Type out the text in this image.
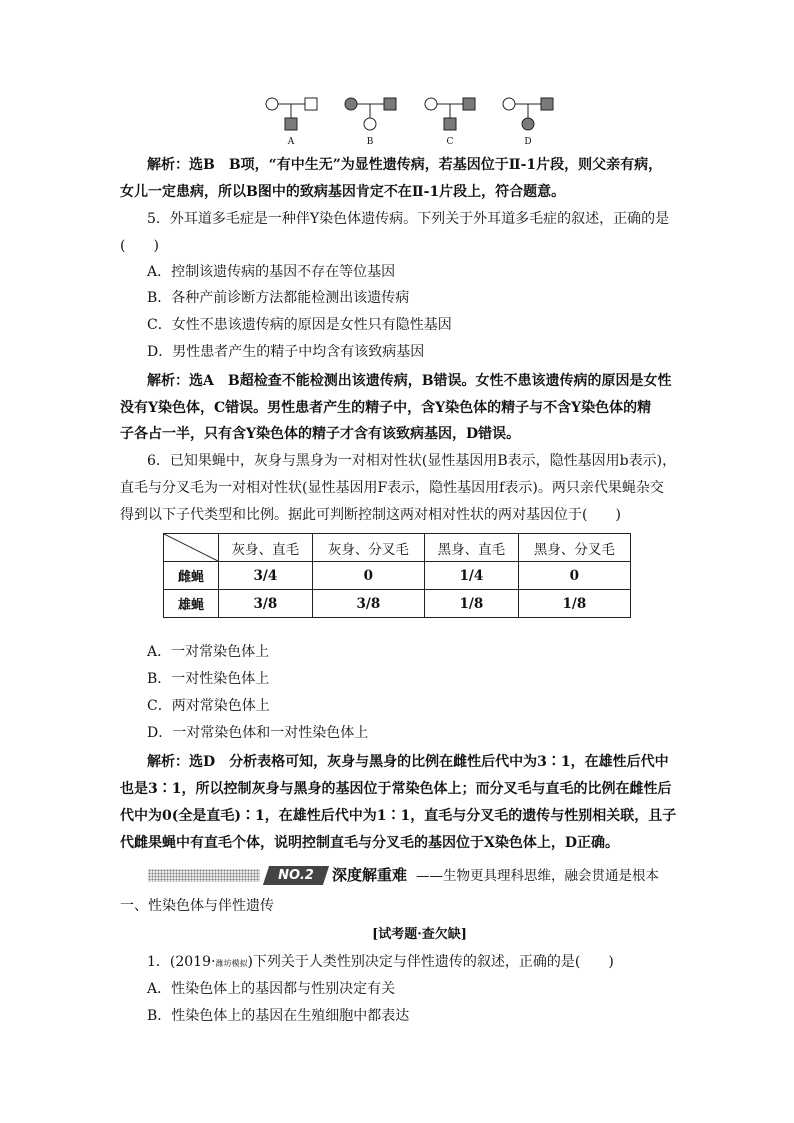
A	B	C	D
解析：选B　B项，“有中生无”为显性遗传病，若基因位于Ⅱ-1片段，则父亲有病，
女儿一定患病，所以B图中的致病基因肯定不在Ⅱ-1片段上，符合题意。
5．外耳道多毛症是一种伴Y染色体遗传病。下列关于外耳道多毛症的叙述，正确的是
(　　)
A．控制该遗传病的基因不存在等位基因
B．各种产前诊断方法都能检测出该遗传病
C．女性不患该遗传病的原因是女性只有隐性基因
D．男性患者产生的精子中均含有该致病基因
解析：选A　B超检查不能检测出该遗传病，B错误。女性不患该遗传病的原因是女性
没有Y染色体，C错误。男性患者产生的精子中，含Y染色体的精子与不含Y染色体的精
子各占一半，只有含Y染色体的精子才含有该致病基因，D错误。
6．已知果蝇中，灰身与黑身为一对相对性状(显性基因用B表示，隐性基因用b表示)，
直毛与分叉毛为一对相对性状(显性基因用F表示，隐性基因用f表示)。两只亲代果蝇杂交
得到以下子代类型和比例。据此可判断控制这两对相对性状的两对基因位于(　　)
	灰身、直毛	灰身、分叉毛	黑身、直毛	黑身、分叉毛
雌蝇	3/4	0	1/4	0
雄蝇	3/8	3/8	1/8	1/8
A．一对常染色体上
B．一对性染色体上
C．两对常染色体上
D．一对常染色体和一对性染色体上
解析：选D　分析表格可知，灰身与黑身的比例在雌性后代中为3∶1，在雄性后代中
也是3∶1，所以控制灰身与黑身的基因位于常染色体上；而分叉毛与直毛的比例在雌性后
代中为0(全是直毛)∶1，在雄性后代中为1∶1，直毛与分叉毛的遗传与性别相关联，且子
代雌果蝇中有直毛个体，说明控制直毛与分叉毛的基因位于X染色体上，D正确。
NO.2	深度解重难 ——生物更具理科思维，融会贯通是根本
一、性染色体与伴性遗传
[试考题·查欠缺]
1．(2019·潍坊模拟)下列关于人类性别决定与伴性遗传的叙述，正确的是(　　)
A．性染色体上的基因都与性别决定有关
B．性染色体上的基因在生殖细胞中都表达
